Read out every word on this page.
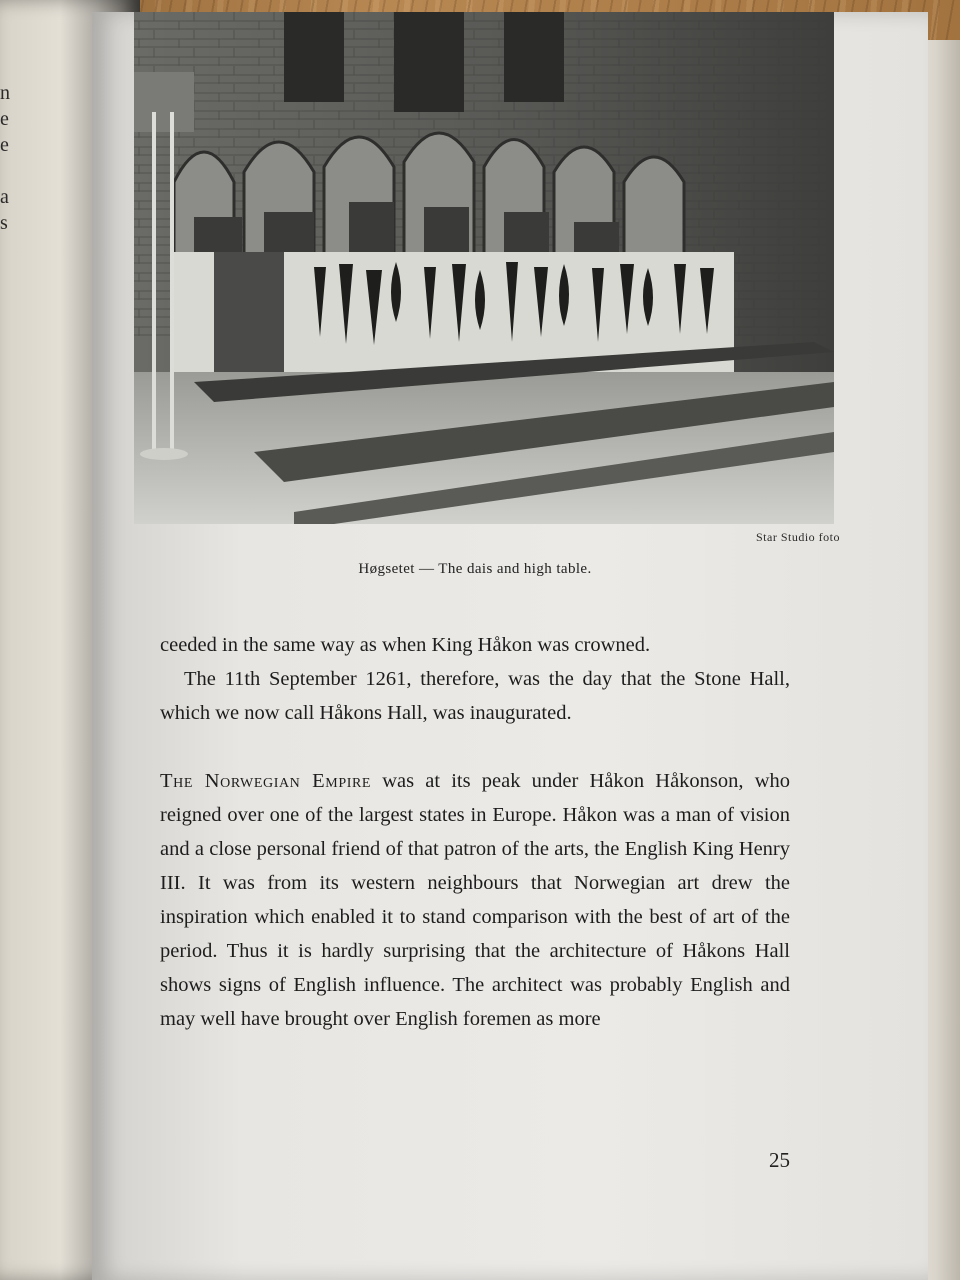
n
e
e

a
s
Star Studio foto
Høgsetet — The dais and high table.

ceeded in the same way as when King Håkon was crowned.

The 11th September 1261, therefore, was the day that the Stone Hall, which we now call Håkons Hall, was inaugurated.

The Norwegian Empire was at its peak under Håkon Håkonson, who reigned over one of the largest states in Europe. Håkon was a man of vision and a close personal friend of that patron of the arts, the English King Henry III. It was from its western neighbours that Norwegian art drew the inspiration which enabled it to stand comparison with the best of art of the period. Thus it is hardly surprising that the architecture of Håkons Hall shows signs of English influence. The architect was probably English and may well have brought over English foremen as more

25
